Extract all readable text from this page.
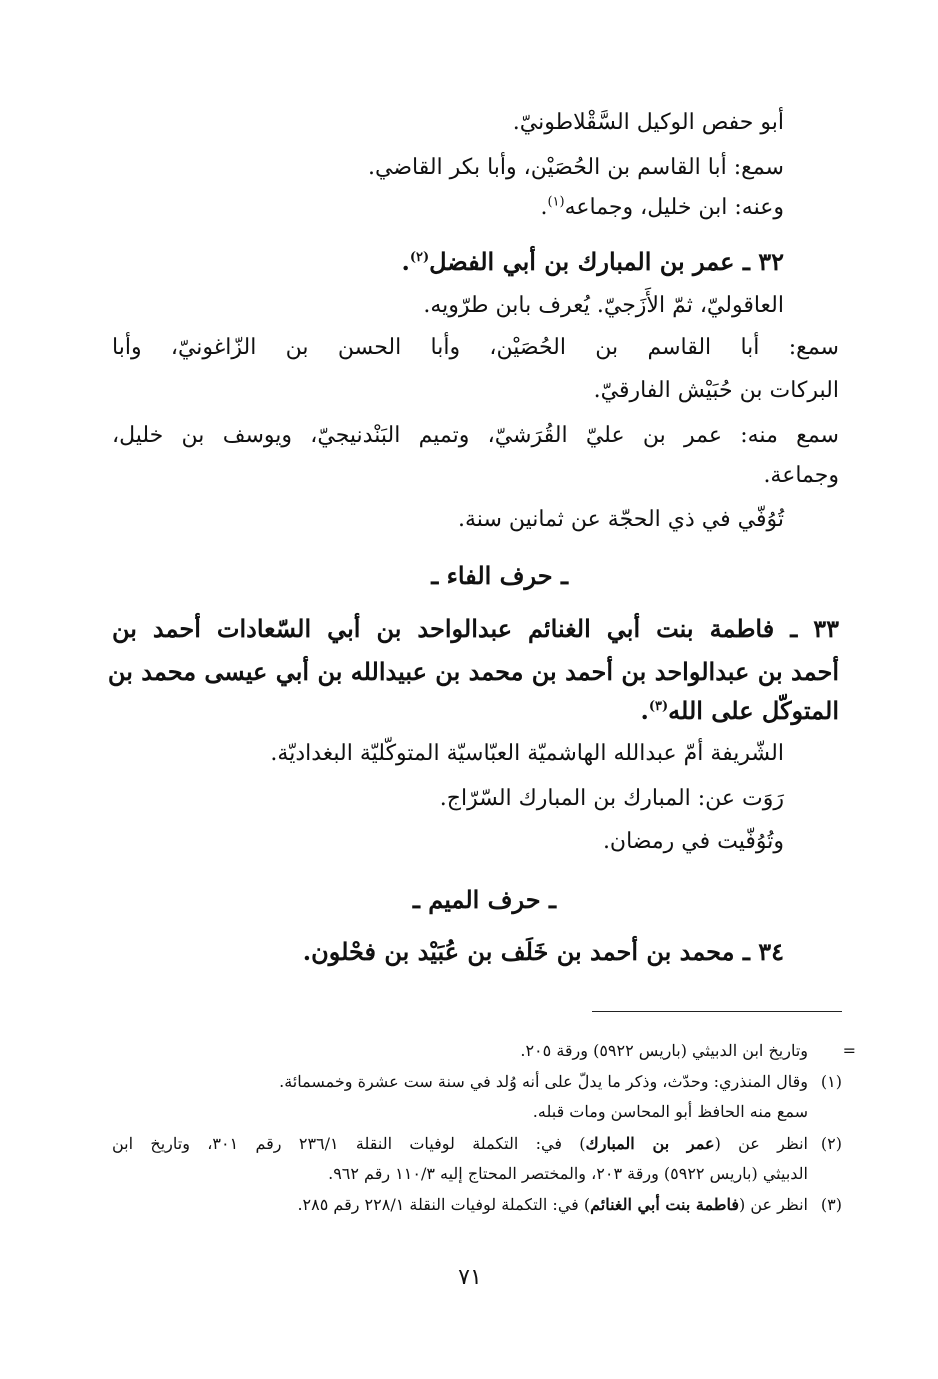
أبو حفص الوكيل السَّقْلاطونيّ.
سمع: أبا القاسم بن الحُصَيْن، وأبا بكر القاضي.
وعنه: ابن خليل، وجماعه$^{(١)}$.
٣٢ ـ عمر بن المبارك بن أبي الفضل$^{(٢)}$.
العاقوليّ، ثمّ الأَزَجيّ. يُعرف بابن طرّويه.
سمع: أبا القاسم بن الحُصَيْن، وأبا الحسن بن الزّاغونيّ، وأبا
البركات بن حُبَيْش الفارقيّ.
سمع منه: عمر بن عليّ القُرَشيّ، وتميم البَنْدنيجيّ، ويوسف بن خليل،
وجماعة.
تُوُفّي في ذي الحجّة عن ثمانين سنة.
ـ حرف الفاء ـ
٣٣ ـ فاطمة بنت أبي الغنائم عبدالواحد بن أبي السّعادات أحمد بن
أحمد بن عبدالواحد بن أحمد بن محمد بن عبيدالله بن أبي عيسى محمد بن
المتوكّل على الله$^{(٣)}$.
الشّريفة أمّ عبدالله الهاشميّة العبّاسيّة المتوكّليّة البغداديّة.
رَوَت عن: المبارك بن المبارك السّرّاج.
وتُوُفّيت في رمضان.
ـ حرف الميم ـ
٣٤ ـ محمد بن أحمد بن خَلَف بن عُبَيْد بن فحْلون.
=
وتاريخ ابن الدبيثي (باريس ٥٩٢٢) ورقة ٢٠٥.
(١)
وقال المنذري: وحدّث، وذكر ما يدلّ على أنه وُلد في سنة ست عشرة وخمسمائة.
سمع منه الحافظ أبو المحاسن ومات قبله.
(٢)
انظر عن (عمر بن المبارك) في: التكملة لوفيات النقلة ٢٣٦/١ رقم ٣٠١، وتاريخ ابن
الدبيثي (باريس ٥٩٢٢) ورقة ٢٠٣، والمختصر المحتاج إليه ١١٠/٣ رقم ٩٦٢.
(٣)
انظر عن (فاطمة بنت أبي الغنائم) في: التكملة لوفيات النقلة ٢٢٨/١ رقم ٢٨٥.
٧١
